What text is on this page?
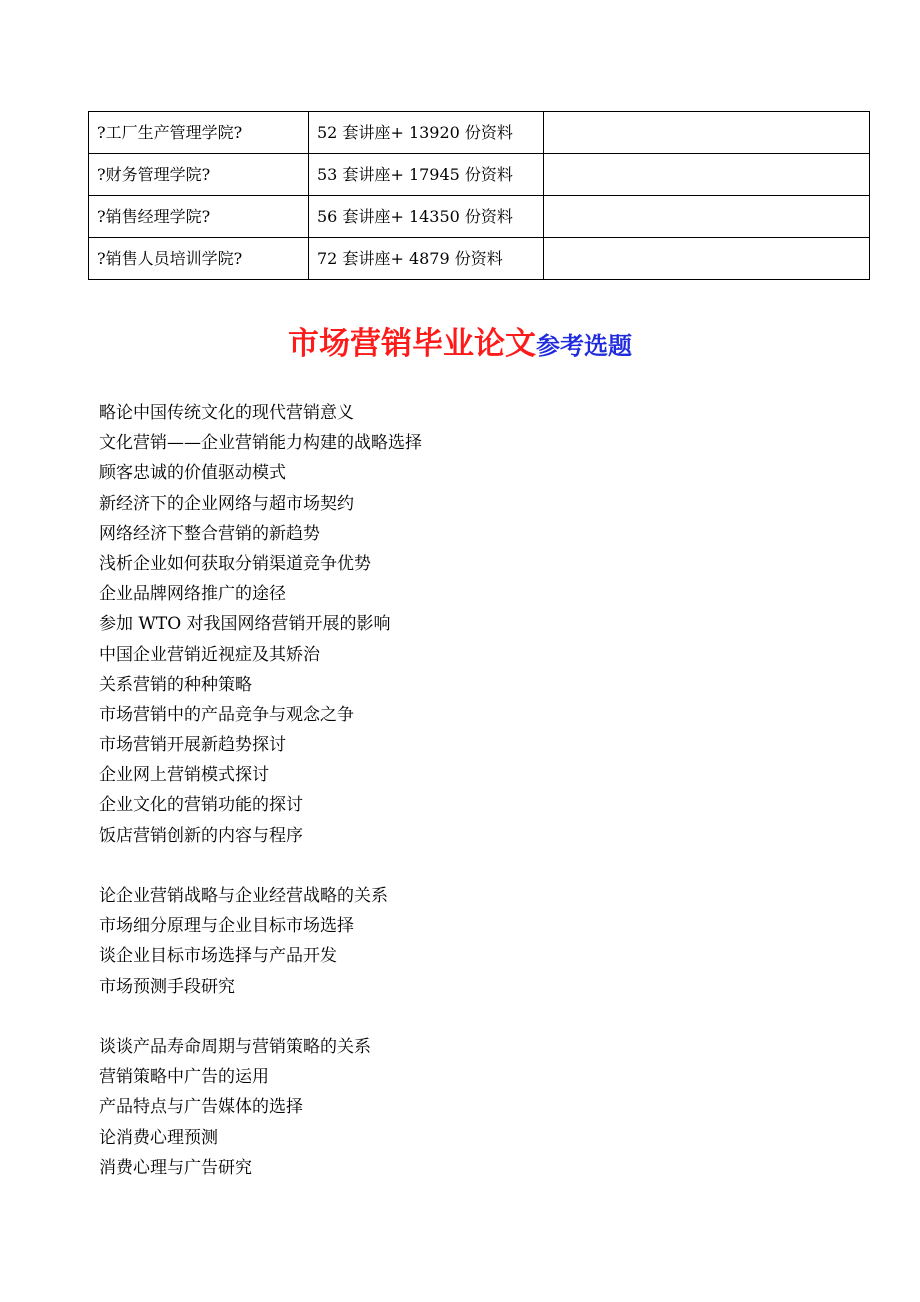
?工厂生产管理学院?	52 套讲座+ 13920 份资料	
?财务管理学院?	53 套讲座+ 17945 份资料	
?销售经理学院?	56 套讲座+ 14350 份资料	
?销售人员培训学院?	72 套讲座+ 4879 份资料	
市场营销毕业论文参考选题
略论中国传统文化的现代营销意义
文化营销——企业营销能力构建的战略选择
顾客忠诚的价值驱动模式
新经济下的企业网络与超市场契约
网络经济下整合营销的新趋势
浅析企业如何获取分销渠道竞争优势
企业品牌网络推广的途径
参加 WTO 对我国网络营销开展的影响
中国企业营销近视症及其矫治
关系营销的种种策略
市场营销中的产品竞争与观念之争
市场营销开展新趋势探讨
企业网上营销模式探讨
企业文化的营销功能的探讨
饭店营销创新的内容与程序
论企业营销战略与企业经营战略的关系
市场细分原理与企业目标市场选择
谈企业目标市场选择与产品开发
市场预测手段研究
谈谈产品寿命周期与营销策略的关系
营销策略中广告的运用
产品特点与广告媒体的选择
论消费心理预测
消费心理与广告研究
